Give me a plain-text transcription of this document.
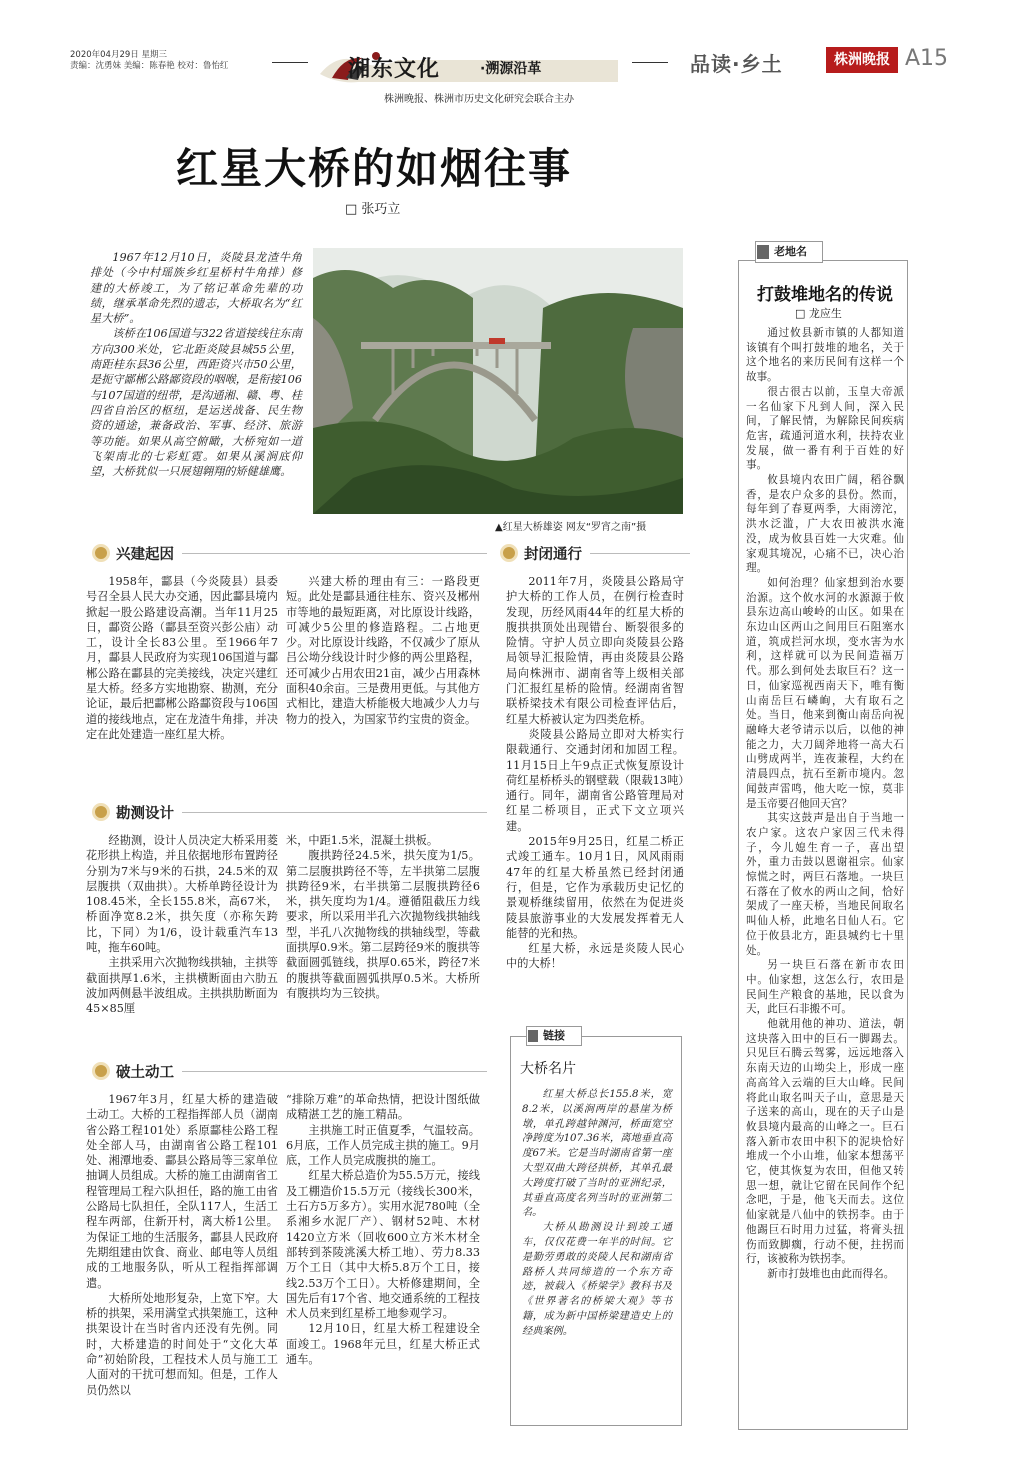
2020年04月29日 星期三
责编：沈勇妹 美编：陈春艳 校对：鲁怡红	湘东文化	·溯源沿革
株洲晚报、株洲市历史文化研究会联合主办
品读·乡土	株洲晚报 A15
红星大桥的如烟往事
□ 张巧立

1967年12月10日，炎陵县龙渣牛角排处（今中村瑶族乡红星桥村牛角排）修建的大桥竣工，为了铭记革命先辈的功绩，继承革命先烈的遗志，大桥取名为“红星大桥”。

该桥在106国道与322省道接线往东南方向300米处，它北距炎陵县城55公里，南距桂东县36公里，西距资兴市50公里，是扼守鄙郴公路鄙资段的咽喉，是衔接106与107国道的纽带，是沟通湘、赣、粤、桂四省自治区的枢纽，是运送战备、民生物资的通途，兼备政治、军事、经济、旅游等功能。如果从高空俯瞰，大桥宛如一道飞架南北的七彩虹霓。如果从溪涧底仰望，大桥犹似一只展翅翱翔的矫健雄鹰。

▲红星大桥雄姿 网友“罗宵之南”摄
兴建起因

1958年，酃县（今炎陵县）县委号召全县人民大办交通，因此酃县境内掀起一股公路建设高潮。当年11月25日，酃资公路（酃县至资兴彭公庙）动工，设计全长83公里。至1966年7月，酃县人民政府为实现106国道与酃郴公路在酃县的完美接线，决定兴建红星大桥。经多方实地勘察、勘测，充分论证，最后把酃郴公路酃资段与106国道的接线地点，定在龙渣牛角排，并决定在此处建造一座红星大桥。

兴建大桥的理由有三：一路段更短。此处是酃县通往桂东、资兴及郴州市等地的最短距离，对比原设计线路，可减少5公里的修造路程。二占地更少。对比原设计线路，不仅减少了原从吕公坳分线设计时少修的两公里路程，还可减少占用农田21亩，减少占用森林面积40余亩。三是费用更低。与其他方式相比，建造大桥能极大地减少人力与物力的投入，为国家节约宝贵的资金。

勘测设计

经勘测，设计人员决定大桥采用菱花形拱上构造，并且依据地形布置跨径分别为7米与9米的石拱，24.5米的双层腹拱（双曲拱）。大桥单跨径设计为108.45米，全长155.8米，高67米，桥面净宽8.2米，拱矢度（亦称矢跨比，下同）为1/6，设计载重汽车13吨，拖车60吨。

主拱采用六次抛物线拱轴，主拱等截面拱厚1.6米，主拱横断面由六肋五波加两侧悬半波组成。主拱拱肋断面为45×85厘

米，中距1.5米，混凝土拱板。

腹拱跨径24.5米，拱矢度为1/5。第二层腹拱跨径不等，左半拱第二层腹拱跨径9米，右半拱第二层腹拱跨径6米，拱矢度均为1/4。遵循阻截压力线要求，所以采用半孔六次抛物线拱轴线型，半孔八次抛物线的拱轴线型，等截面拱厚0.9米。第二层跨径9米的腹拱等截面圆弧链线，拱厚0.65米，跨径7米的腹拱等截面圆弧拱厚0.5米。大桥所有腹拱均为三铰拱。

破土动工

1967年3月，红星大桥的建造破土动工。大桥的工程指挥部人员（湖南省公路工程101处）系原酃桂公路工程处全部人马，由湖南省公路工程101处、湘潭地委、酃县公路局等三家单位抽调人员组成。大桥的施工由湖南省工程管理局工程六队担任，路的施工由省公路局七队担任，全队117人，生活工程车两部，住新开村，离大桥1公里。为保证工地的生活服务，酃县人民政府先期组建由饮食、商业、邮电等人员组成的工地服务队，听从工程指挥部调遣。

大桥所处地形复杂，上宽下窄。大桥的拱架，采用满堂式拱架施工，这种拱架设计在当时省内还没有先例。同时，大桥建造的时间处于“文化大革命”初始阶段，工程技术人员与施工工人面对的干扰可想而知。但是，工作人员仍然以

“排除万难”的革命热情，把设计图纸做成精湛工艺的施工精品。

主拱施工时正值夏季，气温较高。6月底，工作人员完成主拱的施工。9月底，工作人员完成腹拱的施工。

红星大桥总造价为55.5万元，接线及工棚造价15.5万元（接线长300米，土石方5万多方）。实用水泥780吨（全系湘乡水泥厂产）、钢材52吨、木材1420立方米（回收600立方米木材全部转到茶陵洮溪大桥工地）、劳力8.33万个工日（其中大桥5.8万个工日，接线2.53万个工日）。大桥修建期间，全国先后有17个省、地交通系统的工程技术人员来到红星桥工地参观学习。

12月10日，红星大桥工程建设全面竣工。1968年元旦，红星大桥正式通车。

封闭通行

2011年7月，炎陵县公路局守护大桥的工作人员，在例行检查时发现，历经风雨44年的红星大桥的腹拱拱顶处出现错台、断裂很多的险情。守护人员立即向炎陵县公路局领导汇报险情，再由炎陵县公路局向株洲市、湖南省等上级相关部门汇报红星桥的险情。经湖南省智联桥梁技术有限公司检查评估后，红星大桥被认定为四类危桥。

炎陵县公路局立即对大桥实行限载通行、交通封闭和加固工程。11月15日上午9点正式恢复原设计荷红星桥桥头的钢壁载（限载13吨）通行。同年，湖南省公路管理局对红星二桥项目，正式下文立项兴建。

2015年9月25日，红星二桥正式竣工通车。10月1日，风风雨雨47年的红星大桥虽然已经封闭通行，但是，它作为承载历史记忆的景观桥继续留用，依然在为促进炎陵县旅游事业的大发展发挥着无人能替的光和热。

红星大桥，永远是炎陵人民心中的大桥！

链接
大桥名片

红星大桥总长155.8米，宽8.2米，以溪涧两岸的悬崖为桥墩，单孔跨越钟渊河，桥面宽空净跨度为107.36米，离地垂直高度67米。它是当时湖南省第一座大型双曲大跨径拱桥，其单孔最大跨度打破了当时的亚洲纪录，其垂直高度名列当时的亚洲第二名。

大桥从勘测设计到竣工通车，仅仅花费一年半的时间。它是勤劳勇敢的炎陵人民和湖南省路桥人共同缔造的一个东方奇迹，被载入《桥梁学》教科书及《世界著名的桥梁大观》等书籍，成为新中国桥梁建造史上的经典案例。

老地名
打鼓堆地名的传说
□ 龙应生

通过攸县新市镇的人都知道该镇有个叫打鼓堆的地名，关于这个地名的来历民间有这样一个故事。

很古很古以前，玉皇大帝派一名仙家下凡到人间，深入民间，了解民情，为解除民间疾病危害，疏通河道水利，扶持农业发展，做一番有利于百姓的好事。

攸县境内农田广阔，稻谷飘香，是农户众多的县份。然而，每年到了春夏两季，大雨滂沱，洪水泛滥，广大农田被洪水淹没，成为攸县百姓一大灾难。仙家观其境况，心痛不已，决心治理。

如何治理？仙家想到治水要治源。这个攸水河的水源源于攸县东边高山峻岭的山区。如果在东边山区两山之间用巨石阻塞水道，筑成拦河水坝，变水害为水利，这样就可以为民间造福万代。那么到何处去取巨石？这一日，仙家巡视西南天下，唯有衡山南岳巨石嶙峋，大有取石之处。当日，他来到衡山南岳向祝融峰大老爷请示以后，以他的神能之力，大刀阔斧地将一高大石山劈成两半，连夜兼程，大约在清晨四点，抗石至新市境内。忽闻鼓声雷鸣，他大吃一惊，莫非是玉帝要召他回天宫？

其实这鼓声是出自于当地一农户家。这农户家因三代未得子，今儿媳生育一子，喜出望外，重力击鼓以恩谢祖宗。仙家惊慌之时，两巨石落地。一块巨石落在了攸水的两山之间，恰好架成了一座天桥，当地民间取名叫仙人桥，此地名日仙人石。它位于攸县北方，距县城约七十里处。

另一块巨石落在新市农田中。仙家想，这怎么行，农田是民间生产粮食的基地，民以食为天，此巨石非搬不可。

他就用他的神功、道法，朝这块落入田中的巨石一脚踢去。只见巨石腾云驾雾，远远地落入东南天边的山坳尖上，形成一座高高耸入云端的巨大山峰。民间将此山取名叫天子山，意思是天子送来的高山，现在的天子山是攸县境内最高的山峰之一。巨石落入新市农田中积下的泥块恰好堆成一个小山堆，仙家本想荡平它，使其恢复为农田，但他又转思一想，就让它留在民间作个纪念吧，于是，他飞天而去。这位仙家就是八仙中的铁拐李。由于他踢巨石时用力过猛，将膏头扭伤而致脚瘸，行动不便，拄拐而行，该被称为铁拐李。

新市打鼓堆也由此而得名。
